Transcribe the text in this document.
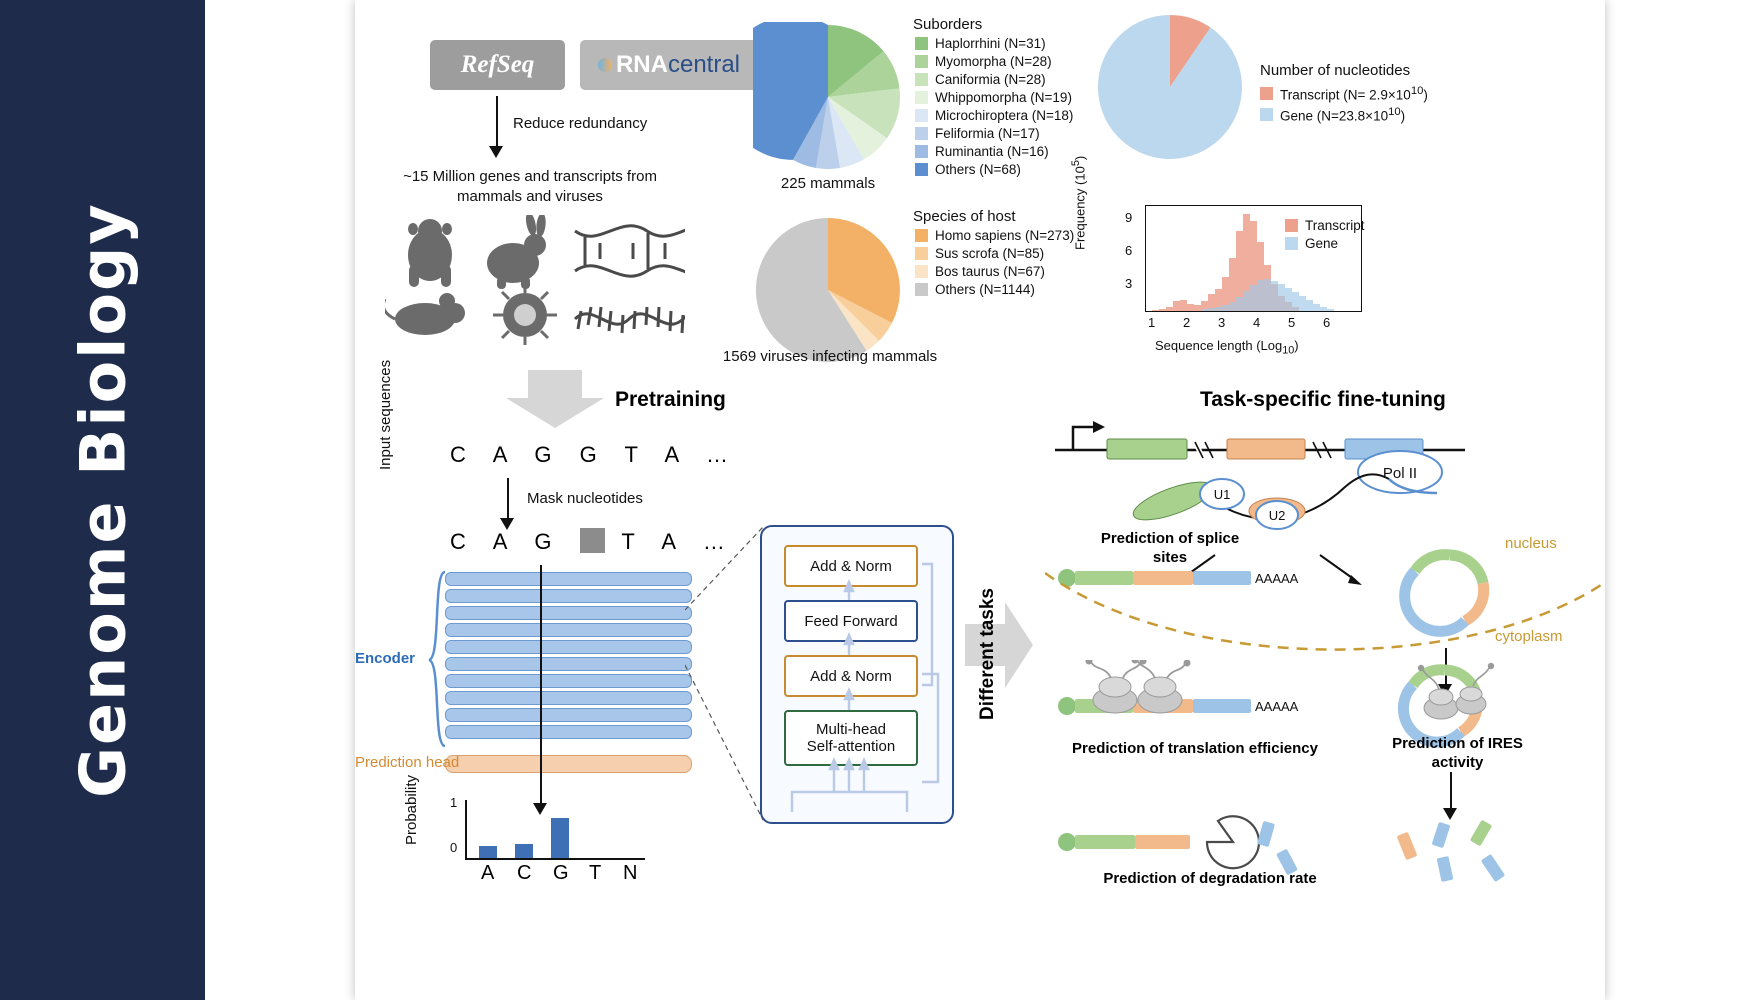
Genome Biology
RefSeq	RNA central
Reduce redundancy
~15 Million genes and transcripts from
mammals and viruses
Suborders
Haplorrhini (N=31)
Myomorpha (N=28)
Caniformia (N=28)
Whippomorpha (N=19)
Microchiroptera (N=18)
Feliformia (N=17)
Ruminantia (N=16)
Others (N=68)
225 mammals
Number of nucleotides
Transcript $(N= 2.9\times 10^{10})$
Gene $(N=23.8\times 10^{10})$
Species of host
Homo sapiens (N=273)
Sus scrofa (N=85)
Bos taurus (N=67)
Others (N=1144)
1569 viruses infecting mammals
Transcript
Gene
9
6
3
1 2 3 4 5 6
Frequency $(10^5)$
Sequence length (Log$_{10}$)
Pretraining
Input sequences	C A G G T A …
Mask nucleotides
C A G	T A …
Encoder
Prediction head
Probability 1
0
A C G T N
Add & Norm
Feed Forward
Add & Norm
Multi-head
Self-attention
Different tasks
Task-specific fine-tuning
Pol II
U1
U2
Prediction of splice
sites
AAAAA
nucleus
cytoplasm
AAAAA
Prediction of translation efficiency	Prediction of IRES
activity
Prediction of degradation rate
